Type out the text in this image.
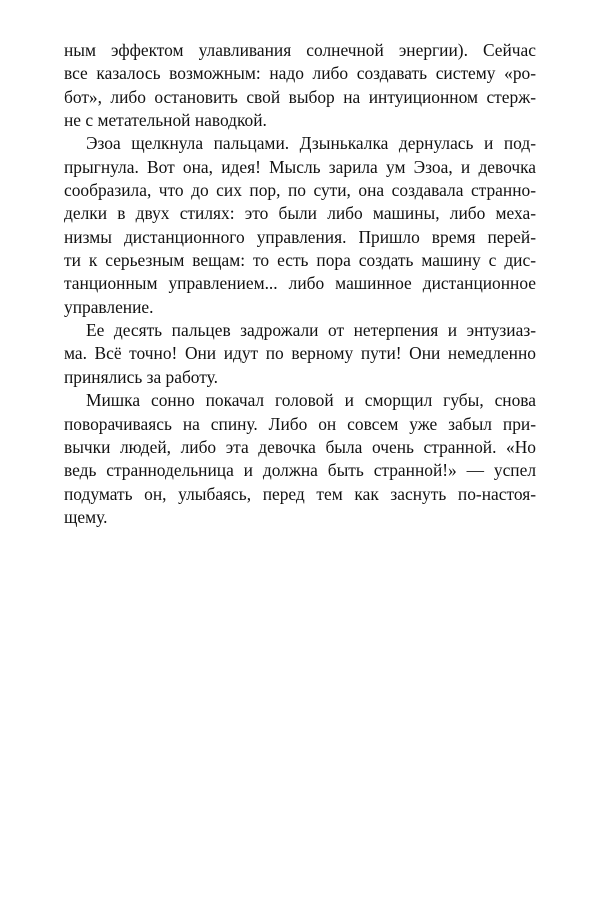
ным эффектом улавливания солнечной энергии). Сейчас
все казалось возможным: надо либо создавать систему «ро-
бот», либо остановить свой выбор на интуиционном стерж-
не с метательной наводкой.
Эзоа щелкнула пальцами. Дзынькалка дернулась и под-
прыгнула. Вот она, идея! Мысль зарила ум Эзоа, и девочка
сообразила, что до сих пор, по сути, она создавала странно-
делки в двух стилях: это были либо машины, либо меха-
низмы дистанционного управления. Пришло время перей-
ти к серьезным вещам: то есть пора создать машину с дис-
танционным управлением... либо машинное дистанционное
управление.
Ее десять пальцев задрожали от нетерпения и энтузиаз-
ма. Всё точно! Они идут по верному пути! Они немедленно
принялись за работу.
Мишка сонно покачал головой и сморщил губы, снова
поворачиваясь на спину. Либо он совсем уже забыл при-
вычки людей, либо эта девочка была очень странной. «Но
ведь страннодельница и должна быть странной!» — успел
подумать он, улыбаясь, перед тем как заснуть по-настоя-
щему.
